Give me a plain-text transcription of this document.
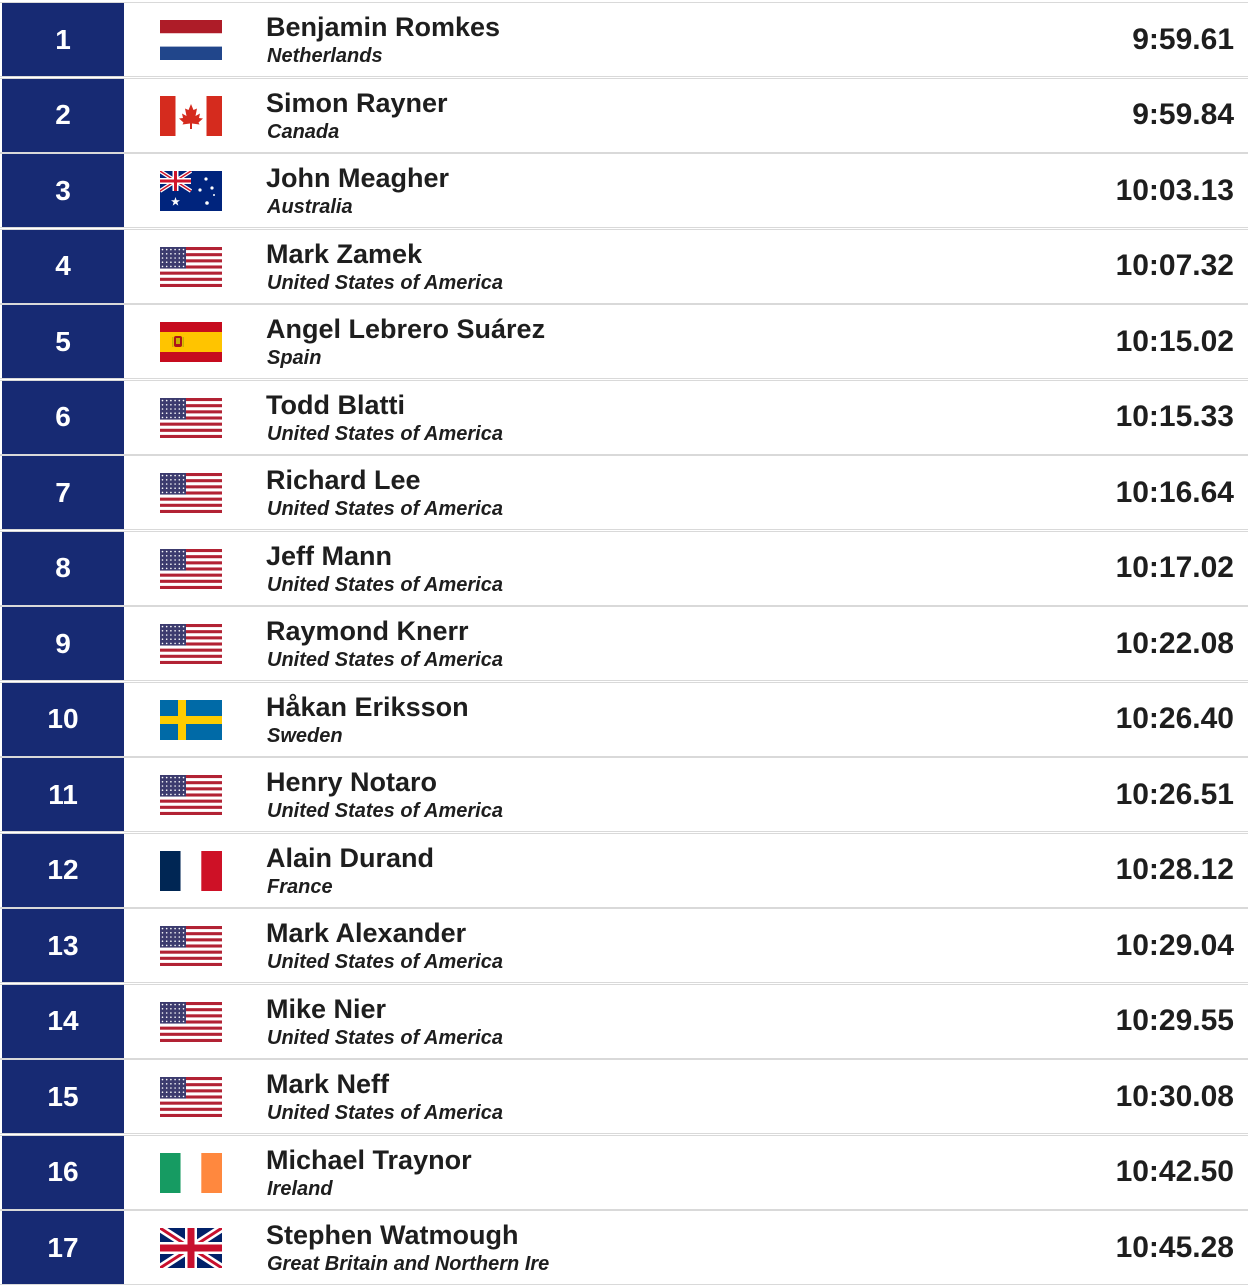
1	Benjamin Romkes
Netherlands
9:59.61
2	Simon Rayner
Canada
9:59.84
3	John Meagher
Australia
10:03.13
4	Mark Zamek
United States of America
10:07.32
5	Angel Lebrero Suárez
Spain
10:15.02
6	Todd Blatti
United States of America
10:15.33
7	Richard Lee
United States of America
10:16.64
8	Jeff Mann
United States of America
10:17.02
9	Raymond Knerr
United States of America
10:22.08
10	Håkan Eriksson
Sweden
10:26.40
11	Henry Notaro
United States of America
10:26.51
12	Alain Durand
France
10:28.12
13	Mark Alexander
United States of America
10:29.04
14	Mike Nier
United States of America
10:29.55
15	Mark Neff
United States of America
10:30.08
16	Michael Traynor
Ireland
10:42.50
17	Stephen Watmough
Great Britain and Northern Ire
10:45.28
